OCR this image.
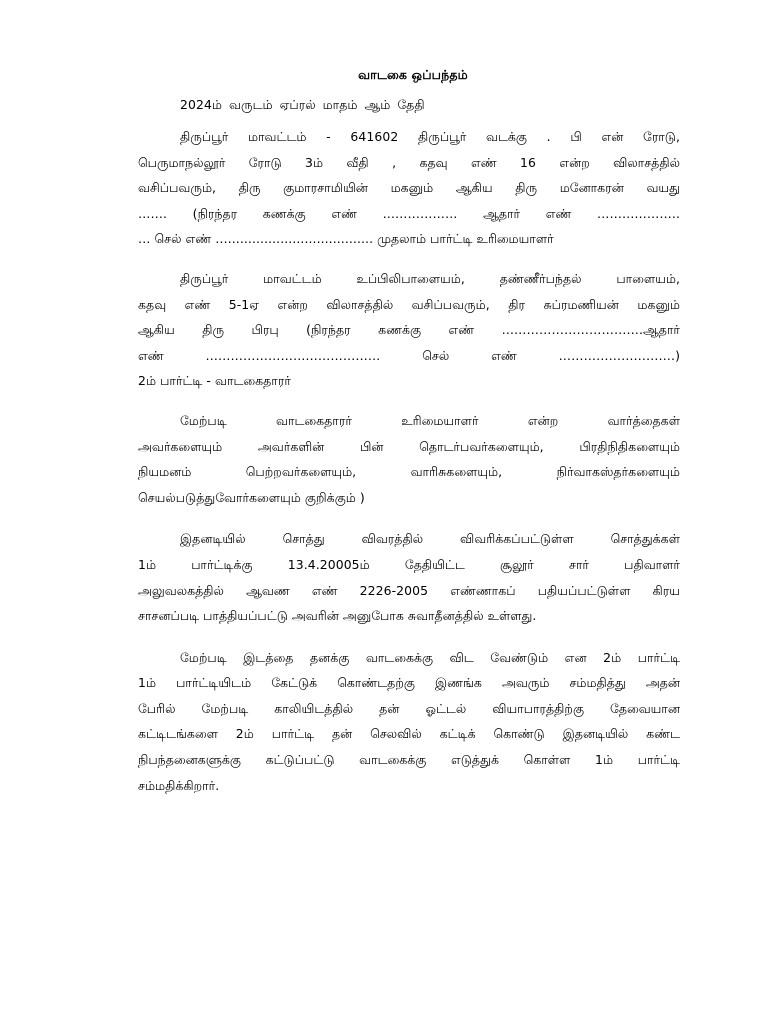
வாடகை ஒப்பந்தம்
2024ம் வருடம் ஏப்ரல் மாதம் ஆம் தேதி
திருப்பூர் மாவட்டம் - 641602 திருப்பூர் வடக்கு . பி என் ரோடு,
பெருமாநல்லூர் ரோடு 3ம் வீதி , கதவு எண் 16 என்ற விலாசத்தில்
வசிப்பவரும், திரு குமாரசாமியின் மகனும் ஆகிய திரு மனோகரன் வயது
……. (நிரந்தர கணக்கு எண் ……………… ஆதார் எண் ………………..
… செல் எண் ….................................... முதலாம் பார்ட்டி உரிமையாளர்
திருப்பூர் மாவட்டம் உப்பிலிபாளையம், தண்ணீர்பந்தல் பாளையம்,
கதவு எண் 5-1ஏ என்ற விலாசத்தில் வசிப்பவரும், திர சுப்ரமணியன் மகனும்
ஆகிய திரு பிரபு (நிரந்தர கணக்கு எண் …………………………….ஆதார்
எண் …………………………………… செல் எண் ……………………….)
2ம் பார்ட்டி - வாடகைதாரர்
மேற்படி வாடகைதாரர் உரிமையாளர் என்ற வார்த்தைகள்
அவர்களையும் அவர்களின் பின் தொடர்பவர்களையும், பிரதிநிதிகளையும்
நியமனம் பெற்றவர்களையும், வாரிசுகளையும், நிர்வாகஸ்தர்களையும்
செயல்படுத்துவோர்களையும் குறிக்கும் )
இதனடியில் சொத்து விவரத்தில் விவரிக்கப்பட்டுள்ள சொத்துக்கள்
1ம் பார்ட்டிக்கு 13.4.20005ம் தேதியிட்ட சூலூர் சார் பதிவாளர்
அலுவலகத்தில் ஆவண எண் 2226-2005 எண்ணாகப் பதியப்பட்டுள்ள கிரய
சாசனப்படி பாத்தியப்பட்டு அவரின் அனுபோக சுவாதீனத்தில் உள்ளது.
மேற்படி இடத்தை தனக்கு வாடகைக்கு விட வேண்டும் என 2ம் பார்ட்டி
1ம் பார்ட்டியிடம் கேட்டுக் கொண்டதற்கு இணங்க அவரும் சம்மதித்து அதன்
பேரில் மேற்படி காலியிடத்தில் தன் ஓட்டல் வியாபாரத்திற்கு தேவையான
கட்டிடங்களை 2ம் பார்ட்டி தன் செலவில் கட்டிக் கொண்டு இதனடியில் கண்ட
நிபந்தனைகளுக்கு கட்டுப்பட்டு வாடகைக்கு எடுத்துக் கொள்ள 1ம் பார்ட்டி
சம்மதிக்கிறார்.
